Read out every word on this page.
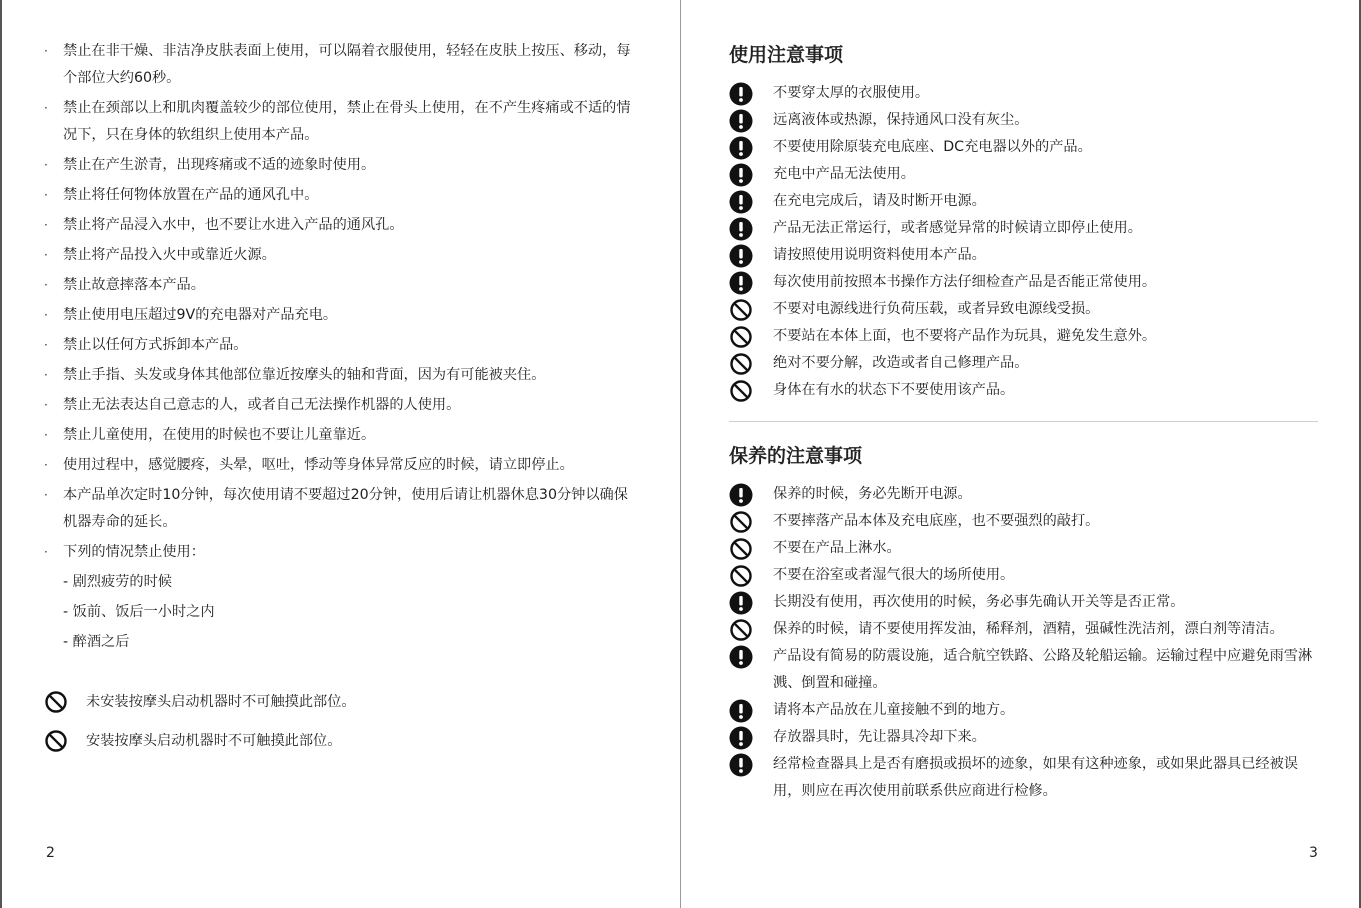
· 禁止在非干燥、非洁净皮肤表面上使用，可以隔着衣服使用，轻轻在皮肤上按压、移动，每个部位大约60秒。
· 禁止在颈部以上和肌肉覆盖较少的部位使用，禁止在骨头上使用，在不产生疼痛或不适的情况下，只在身体的软组织上使用本产品。
· 禁止在产生淤青，出现疼痛或不适的迹象时使用。
· 禁止将任何物体放置在产品的通风孔中。
· 禁止将产品浸入水中，也不要让水进入产品的通风孔。
· 禁止将产品投入火中或靠近火源。
· 禁止故意摔落本产品。
· 禁止使用电压超过9V的充电器对产品充电。
· 禁止以任何方式拆卸本产品。
· 禁止手指、头发或身体其他部位靠近按摩头的轴和背面，因为有可能被夹住。
· 禁止无法表达自己意志的人，或者自己无法操作机器的人使用。
· 禁止儿童使用，在使用的时候也不要让儿童靠近。
· 使用过程中，感觉腰疼，头晕，呕吐，悸动等身体异常反应的时候，请立即停止。
· 本产品单次定时10分钟，每次使用请不要超过20分钟，使用后请让机器休息30分钟以确保机器寿命的延长。
· 下列的情况禁止使用：
- 剧烈疲劳的时候
- 饭前、饭后一小时之内
- 醉酒之后
未安装按摩头启动机器时不可触摸此部位。
安装按摩头启动机器时不可触摸此部位。
2
使用注意事项
不要穿太厚的衣服使用。
远离液体或热源，保持通风口没有灰尘。
不要使用除原装充电底座、DC充电器以外的产品。
充电中产品无法使用。
在充电完成后，请及时断开电源。
产品无法正常运行，或者感觉异常的时候请立即停止使用。
请按照使用说明资料使用本产品。
每次使用前按照本书操作方法仔细检查产品是否能正常使用。
不要对电源线进行负荷压载，或者异致电源线受损。
不要站在本体上面，也不要将产品作为玩具，避免发生意外。
绝对不要分解，改造或者自己修理产品。
身体在有水的状态下不要使用该产品。
保养的注意事项
保养的时候，务必先断开电源。
不要摔落产品本体及充电底座，也不要强烈的敲打。
不要在产品上淋水。
不要在浴室或者湿气很大的场所使用。
长期没有使用，再次使用的时候，务必事先确认开关等是否正常。
保养的时候，请不要使用挥发油，稀释剂，酒精，强碱性洗洁剂，漂白剂等清洁。
产品设有简易的防震设施，适合航空铁路、公路及轮船运输。运输过程中应避免雨雪淋溅、倒置和碰撞。
请将本产品放在儿童接触不到的地方。
存放器具时，先让器具冷却下来。
经常检查器具上是否有磨损或损坏的迹象，如果有这种迹象，或如果此器具已经被误用，则应在再次使用前联系供应商进行检修。
3
